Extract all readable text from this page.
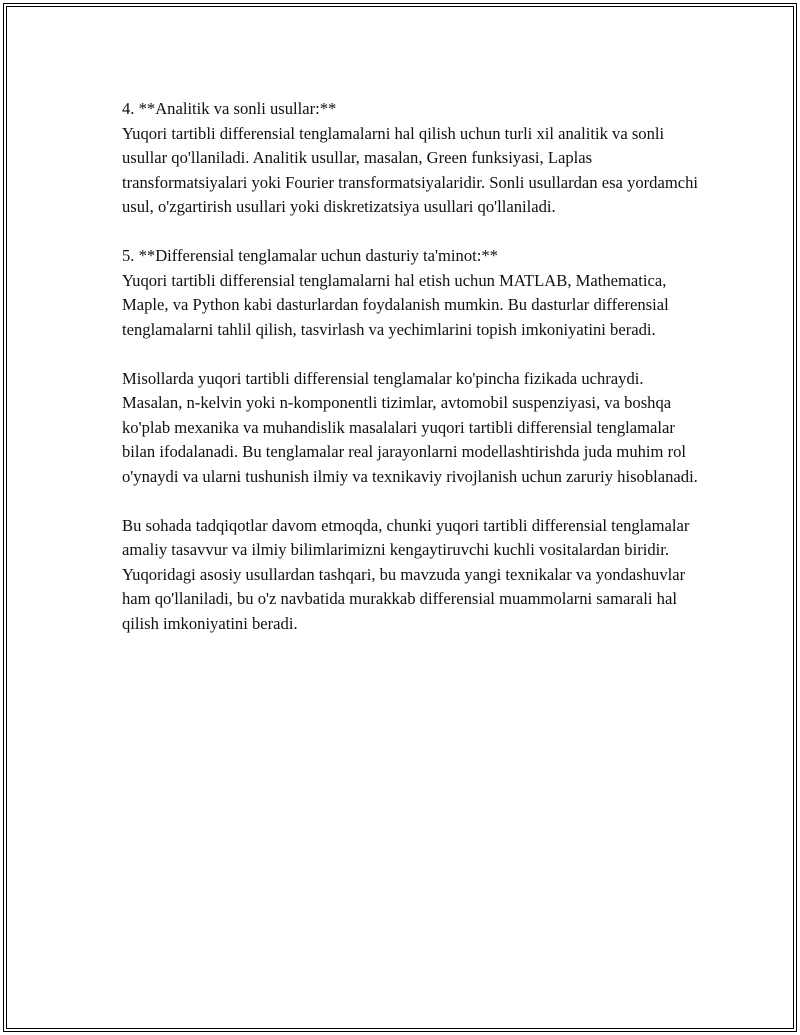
4. **Analitik va sonli usullar:**
Yuqori tartibli differensial tenglamalarni hal qilish uchun turli xil analitik va sonli usullar qo'llaniladi. Analitik usullar, masalan, Green funksiyasi, Laplas transformatsiyalari yoki Fourier transformatsiyalaridir. Sonli usullardan esa yordamchi usul, o'zgartirish usullari yoki diskretizatsiya usullari qo'llaniladi.

5. **Differensial tenglamalar uchun dasturiy ta'minot:**
Yuqori tartibli differensial tenglamalarni hal etish uchun MATLAB, Mathematica, Maple, va Python kabi dasturlardan foydalanish mumkin. Bu dasturlar differensial tenglamalarni tahlil qilish, tasvirlash va yechimlarini topish imkoniyatini beradi.

Misollarda yuqori tartibli differensial tenglamalar ko'pincha fizikada uchraydi. Masalan, n-kelvin yoki n-komponentli tizimlar, avtomobil suspenziyasi, va boshqa ko'plab mexanika va muhandislik masalalari yuqori tartibli differensial tenglamalar bilan ifodalanadi. Bu tenglamalar real jarayonlarni modellashtirishda juda muhim rol o'ynaydi va ularni tushunish ilmiy va texnikaviy rivojlanish uchun zaruriy hisoblanadi.

Bu sohada tadqiqotlar davom etmoqda, chunki yuqori tartibli differensial tenglamalar amaliy tasavvur va ilmiy bilimlarimizni kengaytiruvchi kuchli vositalardan biridir. Yuqoridagi asosiy usullardan tashqari, bu mavzuda yangi texnikalar va yondashuvlar ham qo'llaniladi, bu o'z navbatida murakkab differensial muammolarni samarali hal qilish imkoniyatini beradi.
